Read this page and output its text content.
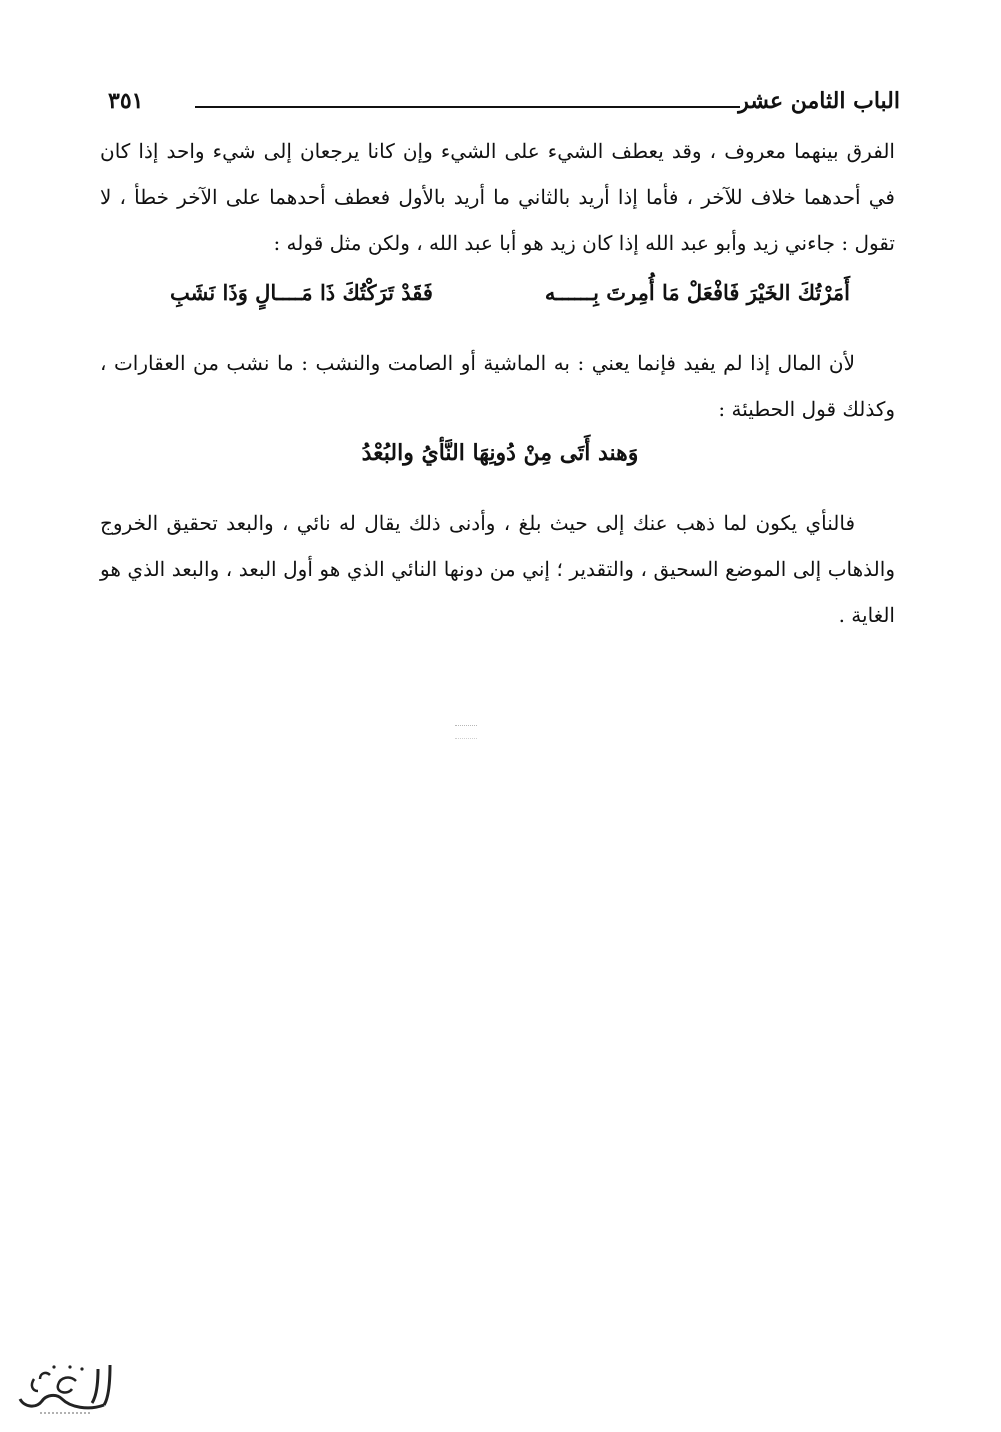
الباب الثامن عشر
٣٥١

الفرق بينهما معروف ، وقد يعطف الشيء على الشيء وإن كانا يرجعان إلى شيء واحد إذا كان في أحدهما خلاف للآخر ، فأما إذا أريد بالثاني ما أريد بالأول فعطف أحدهما على الآخر خطأ ، لا تقول : جاءني زيد وأبو عبد الله إذا كان زيد هو أبا عبد الله ، ولكن مثل قوله :

أَمَرْتُكَ الخَيْرَ فَافْعَلْ مَا أُمِرتَ بِــــــه
فَقَدْ تَرَكْتُكَ ذَا مَــــالٍ وَذَا نَشَبِ

لأن المال إذا لم يفيد فإنما يعني : به الماشية أو الصامت والنشب : ما نشب من العقارات ، وكذلك قول الحطيئة :

وَهند أَتَى مِنْ دُونِهَا النَّأيُ والبُعْدُ

فالنأي يكون لما ذهب عنك إلى حيث بلغ ، وأدنى ذلك يقال له نائي ، والبعد تحقيق الخروج والذهاب إلى الموضع السحيق ، والتقدير ؛ إني من دونها النائي الذي هو أول البعد ، والبعد الذي هو الغاية .
